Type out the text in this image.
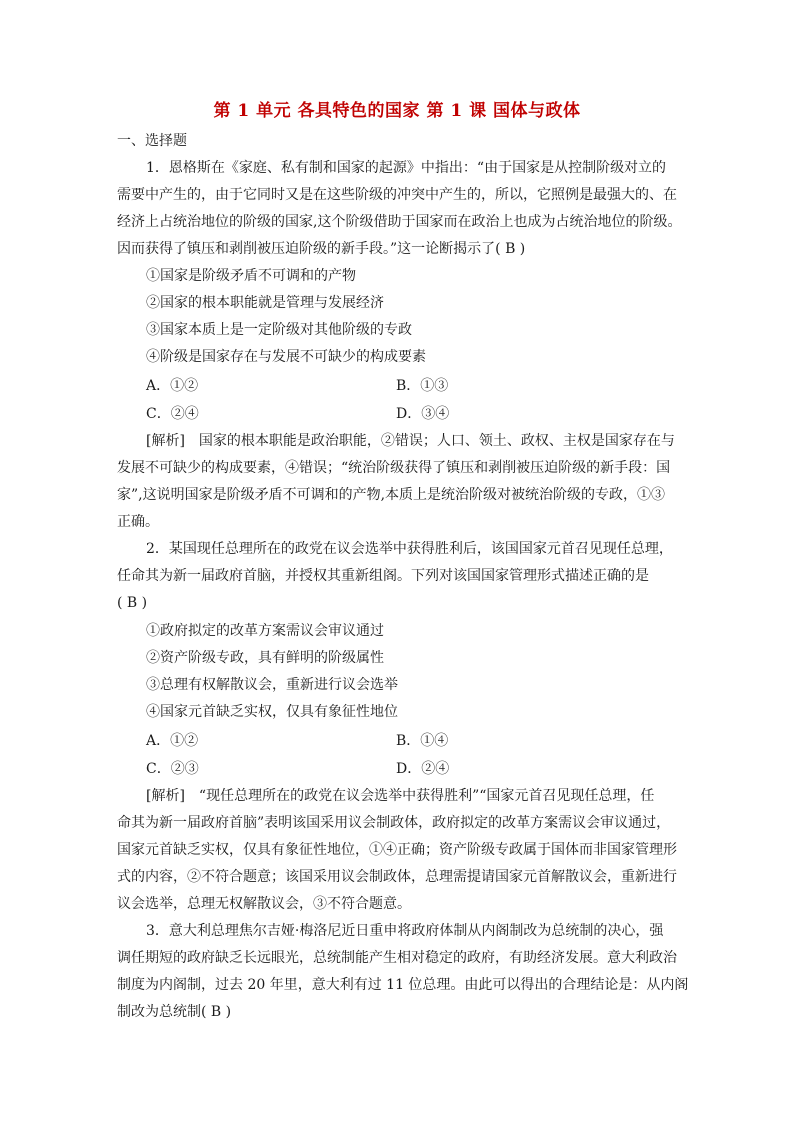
第 1 单元 各具特色的国家 第 1 课 国体与政体
一、选择题
1．恩格斯在《家庭、私有制和国家的起源》中指出：“由于国家是从控制阶级对立的
需要中产生的，由于它同时又是在这些阶级的冲突中产生的，所以，它照例是最强大的、在
经济上占统治地位的阶级的国家,这个阶级借助于国家而在政治上也成为占统治地位的阶级。
因而获得了镇压和剥削被压迫阶级的新手段。”这一论断揭示了( B )
①国家是阶级矛盾不可调和的产物
②国家的根本职能就是管理与发展经济
③国家本质上是一定阶级对其他阶级的专政
④阶级是国家存在与发展不可缺少的构成要素
A．①②	B．①③
C．②④	D．③④
[解析]　国家的根本职能是政治职能，②错误；人口、领土、政权、主权是国家存在与
发展不可缺少的构成要素，④错误；“统治阶级获得了镇压和剥削被压迫阶级的新手段：国
家”,这说明国家是阶级矛盾不可调和的产物,本质上是统治阶级对被统治阶级的专政，①③
正确。
2．某国现任总理所在的政党在议会选举中获得胜利后，该国国家元首召见现任总理，
任命其为新一届政府首脑，并授权其重新组阁。下列对该国国家管理形式描述正确的是
( B )
①政府拟定的改革方案需议会审议通过
②资产阶级专政，具有鲜明的阶级属性
③总理有权解散议会，重新进行议会选举
④国家元首缺乏实权，仅具有象征性地位
A．①②	B．①④
C．②③	D．②④
[解析]　“现任总理所在的政党在议会选举中获得胜利”“国家元首召见现任总理，任
命其为新一届政府首脑”表明该国采用议会制政体，政府拟定的改革方案需议会审议通过，
国家元首缺乏实权，仅具有象征性地位，①④正确；资产阶级专政属于国体而非国家管理形
式的内容，②不符合题意；该国采用议会制政体，总理需提请国家元首解散议会，重新进行
议会选举，总理无权解散议会，③不符合题意。
3．意大利总理焦尔吉娅·梅洛尼近日重申将政府体制从内阁制改为总统制的决心，强
调任期短的政府缺乏长远眼光，总统制能产生相对稳定的政府，有助经济发展。意大利政治
制度为内阁制，过去 20 年里，意大利有过 11 位总理。由此可以得出的合理结论是：从内阁
制改为总统制( B )
